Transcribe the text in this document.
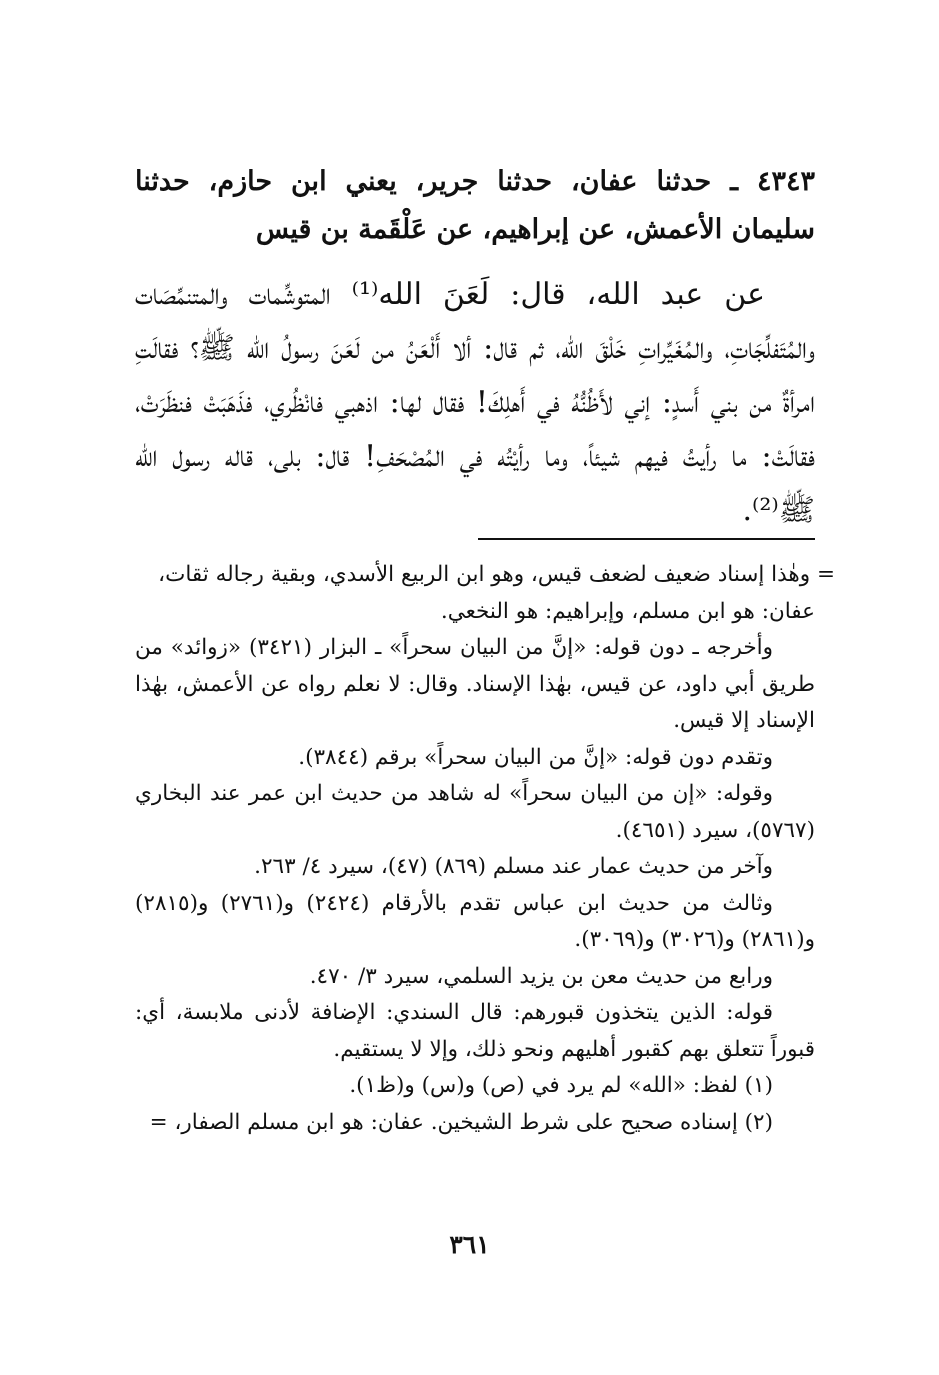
٤٣٤٣ ـ حدثنا عفان، حدثنا جرير، يعني ابن حازم، حدثنا سليمان الأعمش، عن إبراهيم، عن عَلْقَمة بن قيس

عن عبد الله، قال: لَعَنَ الله⁽¹⁾ المتوشِّمات والمتنمِّصَات والمُتَفلِّجَاتِ، والمُغَيِّراتِ خَلْقَ الله، ثم قال: ألا أَلْعَنُ من لَعَنَ رسولُ الله ﷺ؟ فقالَتِ امرأةٌ من بني أَسدٍ: إني لأَظُنُّهُ في أَهلِكَ! فقال لها: اذهبي فانْظُري، فذَهَبَتْ فنظَرَتْ، فقالَتْ: ما رأيتُ فيهم شيئاً، وما رأيْتُه في المُصْحَفِ! قال: بلى، قاله رسول الله ﷺ⁽²⁾.

= وهٰذا إسناد ضعيف لضعف قيس، وهو ابن الربيع الأسدي، وبقية رجاله ثقات،

عفان: هو ابن مسلم، وإبراهيم: هو النخعي.

وأخرجه ـ دون قوله: «إنَّ من البيان سحراً» ـ البزار (٣٤٢١) «زوائد» من طريق أبي داود، عن قيس، بهٰذا الإسناد. وقال: لا نعلم رواه عن الأعمش، بهٰذا الإسناد إلا قيس.

وتقدم دون قوله: «إنَّ من البيان سحراً» برقم (٣٨٤٤).

وقوله: «إن من البيان سحراً» له شاهد من حديث ابن عمر عند البخاري (٥٧٦٧)، سيرد (٤٦٥١).

وآخر من حديث عمار عند مسلم (٨٦٩) (٤٧)، سيرد ٤/ ٢٦٣.

وثالث من حديث ابن عباس تقدم بالأرقام (٢٤٢٤) و(٢٧٦١) و(٢٨١٥) و(٢٨٦١) و(٣٠٢٦) و(٣٠٦٩).

ورابع من حديث معن بن يزيد السلمي، سيرد ٣/ ٤٧٠.

قوله: الذين يتخذون قبورهم: قال السندي: الإضافة لأدنى ملابسة، أي: قبوراً تتعلق بهم كقبور أهليهم ونحو ذلك، وإلا لا يستقيم.

(١) لفظ: «الله» لم يرد في (ص) و(س) و(ظ١).

(٢) إسناده صحيح على شرط الشيخين. عفان: هو ابن مسلم الصفار، =

٣٦١
